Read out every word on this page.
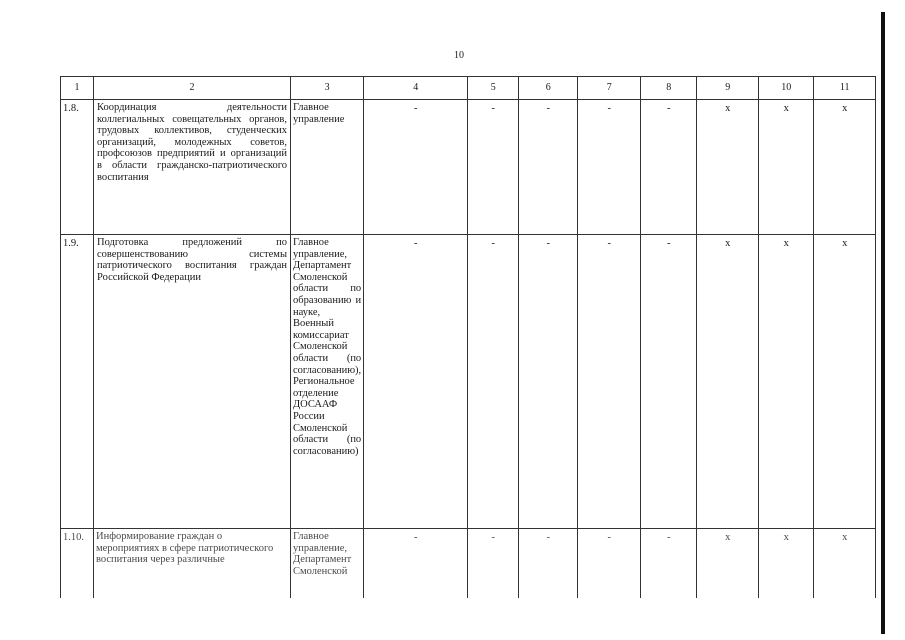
10
1	2	3	4	5	6	7	8	9	10	11
1.8.	Координация деятельности коллегиальных совещательных органов, трудовых коллективов, студенческих организаций, молодежных советов, профсоюзов предприятий и организаций в области гражданско-патриотического воспитания	Главное управление	-	-	-	-	-	x	x	x
1.9.	Подготовка предложений по совершенствованию системы патриотического воспитания граждан Российской Федерации	Главное управление, Департамент Смоленской области по образованию и науке, Военный комиссариат Смоленской области (по согласованию), Региональное отделение ДОСААФ России Смоленской области (по согласованию)	-	-	-	-	-	x	x	x
1.10.	Информирование граждан о мероприятиях в сфере патриотического воспитания через различные	Главное управление, Департамент Смоленской	-	-	-	-	-	x	x	x
